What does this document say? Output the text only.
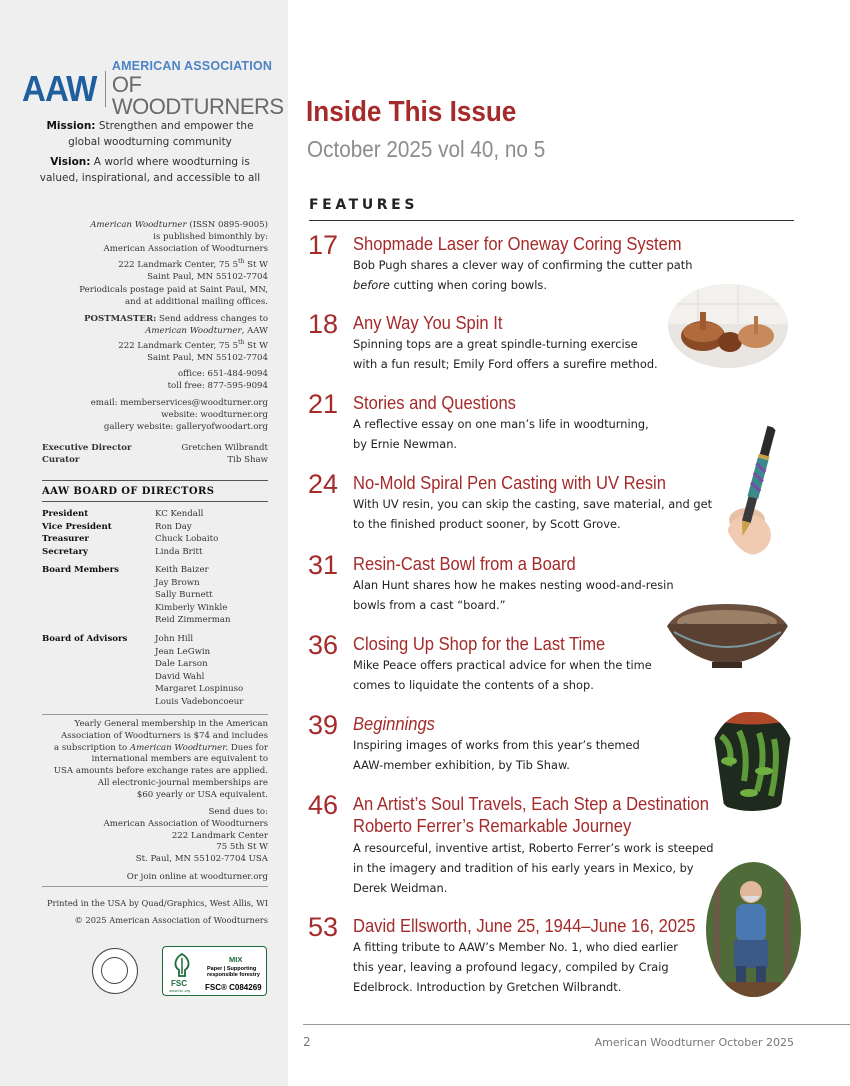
AAW
AMERICAN ASSOCIATION
OF WOODTURNERS
Mission: Strengthen and empower the
global woodturning community
Vision: A world where woodturning is
valued, inspirational, and accessible to all
American Woodturner (ISSN 0895-9005)
is published bimonthly by:
American Association of Woodturners
222 Landmark Center, 75 5th St W
Saint Paul, MN 55102-7704
Periodicals postage paid at Saint Paul, MN,
and at additional mailing offices.
POSTMASTER: Send address changes to
American Woodturner, AAW
222 Landmark Center, 75 5th St W
Saint Paul, MN 55102-7704
office: 651-484-9094
toll free: 877-595-9094
email: memberservices@woodturner.org
website: woodturner.org
gallery website: galleryofwoodart.org
Executive Director	Gretchen Wilbrandt
Curator	Tib Shaw
AAW BOARD OF DIRECTORS
President	KC Kendall
Vice President	Ron Day
Treasurer	Chuck Lobaito
Secretary	Linda Britt
Board Members	Keith Baizer
Jay Brown
Sally Burnett
Kimberly Winkle
Reid Zimmerman
Board of Advisors	John Hill
Jean LeGwin
Dale Larson
David Wahl
Margaret Lospinuso
Louis Vadeboncoeur
Yearly General membership in the American
Association of Woodturners is $74 and includes
a subscription to American Woodturner. Dues for
international members are equivalent to
USA amounts before exchange rates are applied.
All electronic-journal memberships are
$60 yearly or USA equivalent.
Send dues to:
American Association of Woodturners
222 Landmark Center
75 5th St W
St. Paul, MN 55102-7704 USA
Or join online at woodturner.org
Printed in the USA by Quad/Graphics, West Allis, WI
© 2025 American Association of Woodturners
FSC
www.fsc.org
MIX
Paper | Supporting
responsible forestry
FSC® C084269
Inside This Issue
October 2025 vol 40, no 5
FEATURES
17 Shopmade Laser for Oneway Coring System
Bob Pugh shares a clever way of confirming the cutter path
before cutting when coring bowls.
18 Any Way You Spin It
Spinning tops are a great spindle-turning exercise
with a fun result; Emily Ford offers a surefire method.
21 Stories and Questions
A reflective essay on one man’s life in woodturning,
by Ernie Newman.
24 No-Mold Spiral Pen Casting with UV Resin
With UV resin, you can skip the casting, save material, and get
to the finished product sooner, by Scott Grove.
31 Resin-Cast Bowl from a Board
Alan Hunt shares how he makes nesting wood-and-resin
bowls from a cast “board.”
36 Closing Up Shop for the Last Time
Mike Peace offers practical advice for when the time
comes to liquidate the contents of a shop.
39 Beginnings
Inspiring images of works from this year’s themed
AAW-member exhibition, by Tib Shaw.
46 An Artist’s Soul Travels, Each Step a Destination
Roberto Ferrer’s Remarkable Journey
A resourceful, inventive artist, Roberto Ferrer’s work is steeped
in the imagery and tradition of his early years in Mexico, by
Derek Weidman.
53 David Ellsworth, June 25, 1944–June 16, 2025
A fitting tribute to AAW’s Member No. 1, who died earlier
this year, leaving a profound legacy, compiled by Craig
Edelbrock. Introduction by Gretchen Wilbrandt.
2	American Woodturner October 2025
